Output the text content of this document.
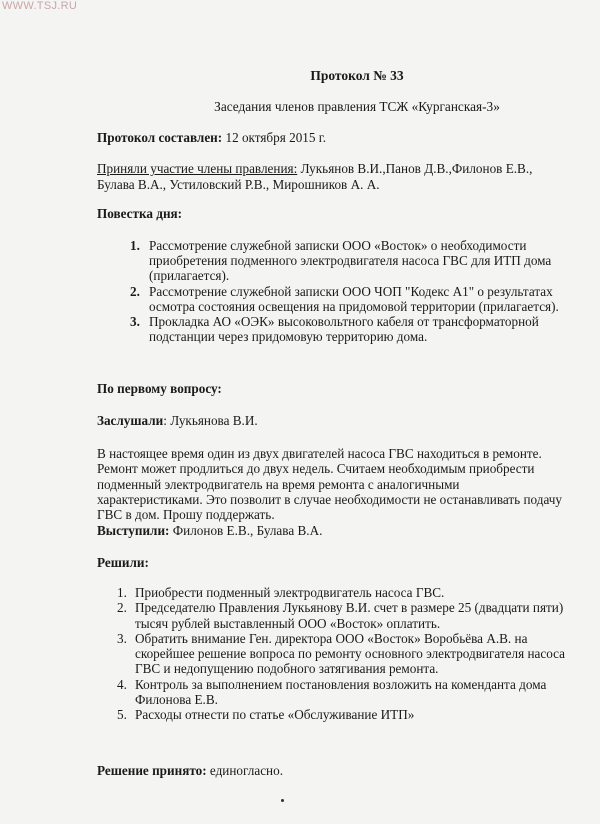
WWW.TSJ.RU
Протокол № 33
Заседания членов правления ТСЖ «Курганская-3»
Протокол составлен: 12 октября 2015 г.
Приняли участие члены правления: Лукьянов В.И.,Панов Д.В.,Филонов Е.В.,
Булава В.А., Устиловский Р.В., Мирошников А. А.
Повестка дня:
1. Рассмотрение служебной записки ООО «Восток» о необходимости приобретения подменного электродвигателя насоса ГВС для ИТП дома (прилагается).
2. Рассмотрение служебной записки ООО ЧОП "Кодекс А1" о результатах осмотра состояния освещения на придомовой территории (прилагается).
3. Прокладка АО «ОЭК» высоковольтного кабеля от трансформаторной подстанции через придомовую территорию дома.
По первому вопросу:
Заслушали: Лукьянова В.И.
В настоящее время один из двух двигателей насоса ГВС находиться в ремонте. Ремонт может продлиться до двух недель. Считаем необходимым приобрести подменный электродвигатель на время ремонта с аналогичными характеристиками. Это позволит в случае необходимости не останавливать подачу ГВС в дом. Прошу поддержать.
Выступили: Филонов Е.В., Булава В.А.
Решили:
1. Приобрести подменный электродвигатель насоса ГВС.
2. Председателю Правления Лукьянову В.И. счет в размере 25 (двадцати пяти) тысяч рублей выставленный ООО «Восток» оплатить.
3. Обратить внимание Ген. директора ООО «Восток» Воробьёва А.В. на скорейшее решение вопроса по ремонту основного электродвигателя насоса ГВС и недопущению подобного затягивания ремонта.
4. Контроль за выполнением постановления возложить на коменданта дома Филонова Е.В.
5. Расходы отнести по статье «Обслуживание ИТП»
Решение принято: единогласно.
